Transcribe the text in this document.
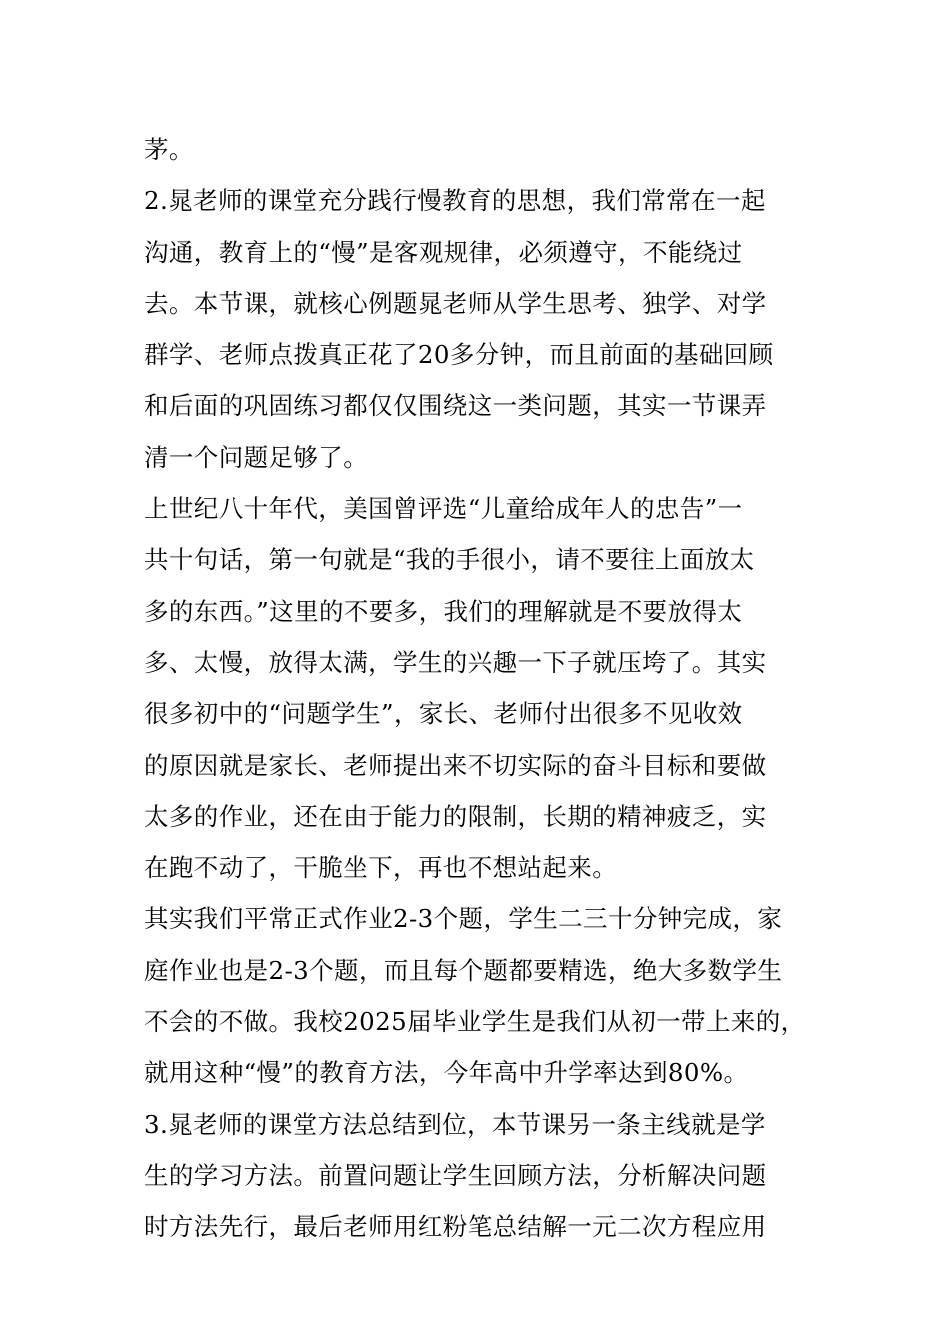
茅。
2.晁老师的课堂充分践行慢教育的思想，我们常常在一起
沟通，教育上的“慢”是客观规律，必须遵守，不能绕过
去。本节课，就核心例题晁老师从学生思考、独学、对学
群学、老师点拨真正花了20多分钟，而且前面的基础回顾
和后面的巩固练习都仅仅围绕这一类问题，其实一节课弄
清一个问题足够了。
上世纪八十年代，美国曾评选“儿童给成年人的忠告”一
共十句话，第一句就是“我的手很小，请不要往上面放太
多的东西。”这里的不要多，我们的理解就是不要放得太
多、太慢，放得太满，学生的兴趣一下子就压垮了。其实
很多初中的“问题学生”，家长、老师付出很多不见收效
的原因就是家长、老师提出来不切实际的奋斗目标和要做
太多的作业，还在由于能力的限制，长期的精神疲乏，实
在跑不动了，干脆坐下，再也不想站起来。
其实我们平常正式作业2-3个题，学生二三十分钟完成，家
庭作业也是2-3个题，而且每个题都要精选，绝大多数学生
不会的不做。我校2025届毕业学生是我们从初一带上来的，
就用这种“慢”的教育方法，今年高中升学率达到80%。
3.晁老师的课堂方法总结到位，本节课另一条主线就是学
生的学习方法。前置问题让学生回顾方法，分析解决问题
时方法先行，最后老师用红粉笔总结解一元二次方程应用
